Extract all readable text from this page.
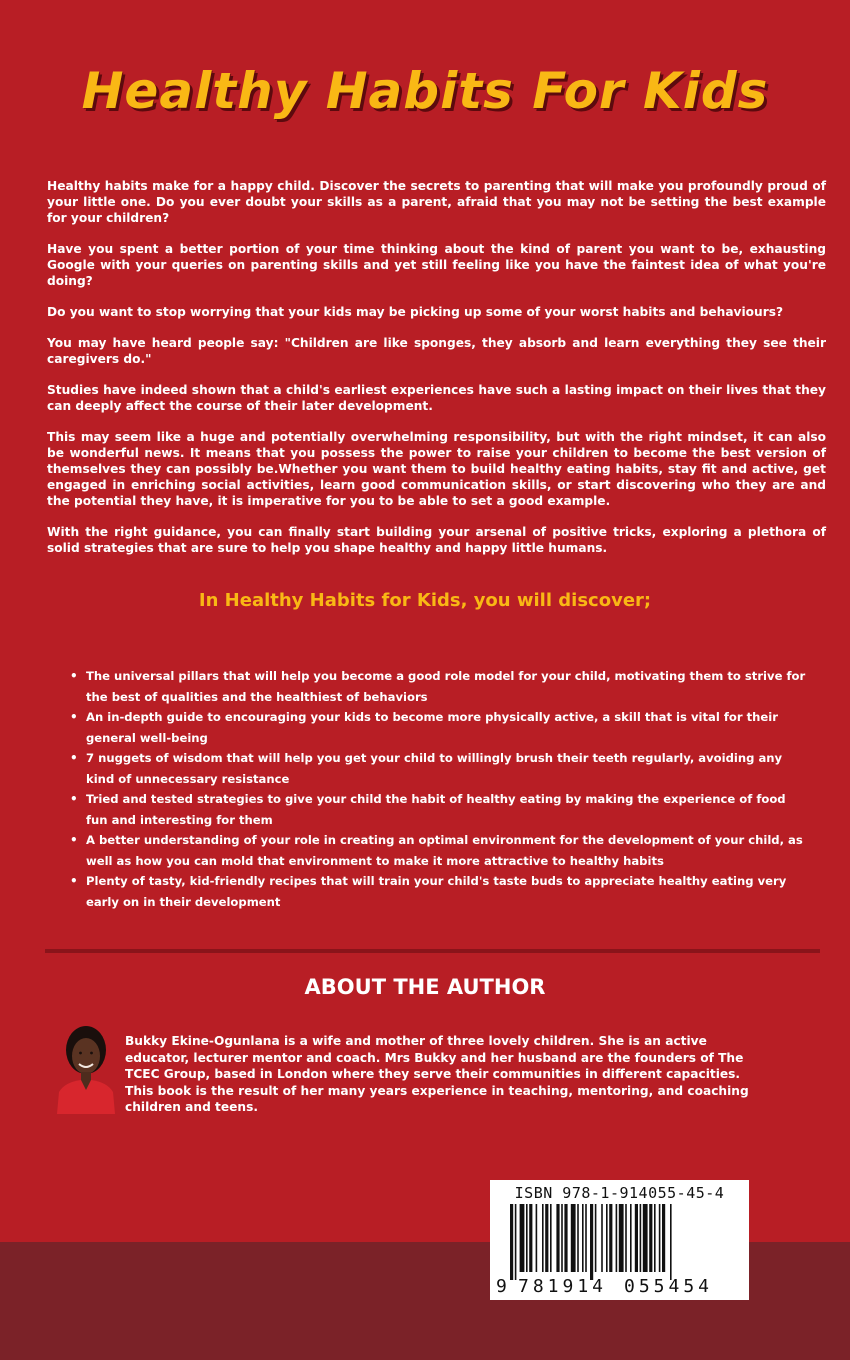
Healthy Habits For Kids

Healthy habits make for a happy child. Discover the secrets to parenting that will make you profoundly proud of your little one. Do you ever doubt your skills as a parent, afraid that you may not be setting the best example for your children?

Have you spent a better portion of your time thinking about the kind of parent you want to be, exhausting Google with your queries on parenting skills and yet still feeling like you have the faintest idea of what you're doing?

Do you want to stop worrying that your kids may be picking up some of your worst habits and behaviours?

You may have heard people say: "Children are like sponges, they absorb and learn everything they see their caregivers do."

Studies have indeed shown that a child's earliest experiences have such a lasting impact on their lives that they can deeply affect the course of their later development.

This may seem like a huge and potentially overwhelming responsibility, but with the right mindset, it can also be wonderful news. It means that you possess the power to raise your children to become the best version of themselves they can possibly be.Whether you want them to build healthy eating habits, stay fit and active, get engaged in enriching social activities, learn good communication skills, or start discovering who they are and the potential they have, it is imperative for you to be able to set a good example.

With the right guidance, you can finally start building your arsenal of positive tricks, exploring a plethora of solid strategies that are sure to help you shape healthy and happy little humans.

In Healthy Habits for Kids, you will discover;
• The universal pillars that will help you become a good role model for your child, motivating them to strive for the best of qualities and the healthiest of behaviors
• An in-depth guide to encouraging your kids to become more physically active, a skill that is vital for their general well-being
• 7 nuggets of wisdom that will help you get your child to willingly brush their teeth regularly, avoiding any kind of unnecessary resistance
• Tried and tested strategies to give your child the habit of healthy eating by making the experience of food fun and interesting for them
• A better understanding of your role in creating an optimal environment for the development of your child, as well as how you can mold that environment to make it more attractive to healthy habits
• Plenty of tasty, kid-friendly recipes that will train your child's taste buds to appreciate healthy eating very early on in their development
ABOUT THE AUTHOR

Bukky Ekine-Ogunlana is a wife and mother of three lovely children. She is an active educator, lecturer mentor and coach. Mrs Bukky and her husband are the founders of The TCEC Group, based in London where they serve their communities in different capacities. This book is the result of her many years experience in teaching, mentoring, and coaching children and teens.

ISBN 978-1-914055-45-4
9 781914 055454
